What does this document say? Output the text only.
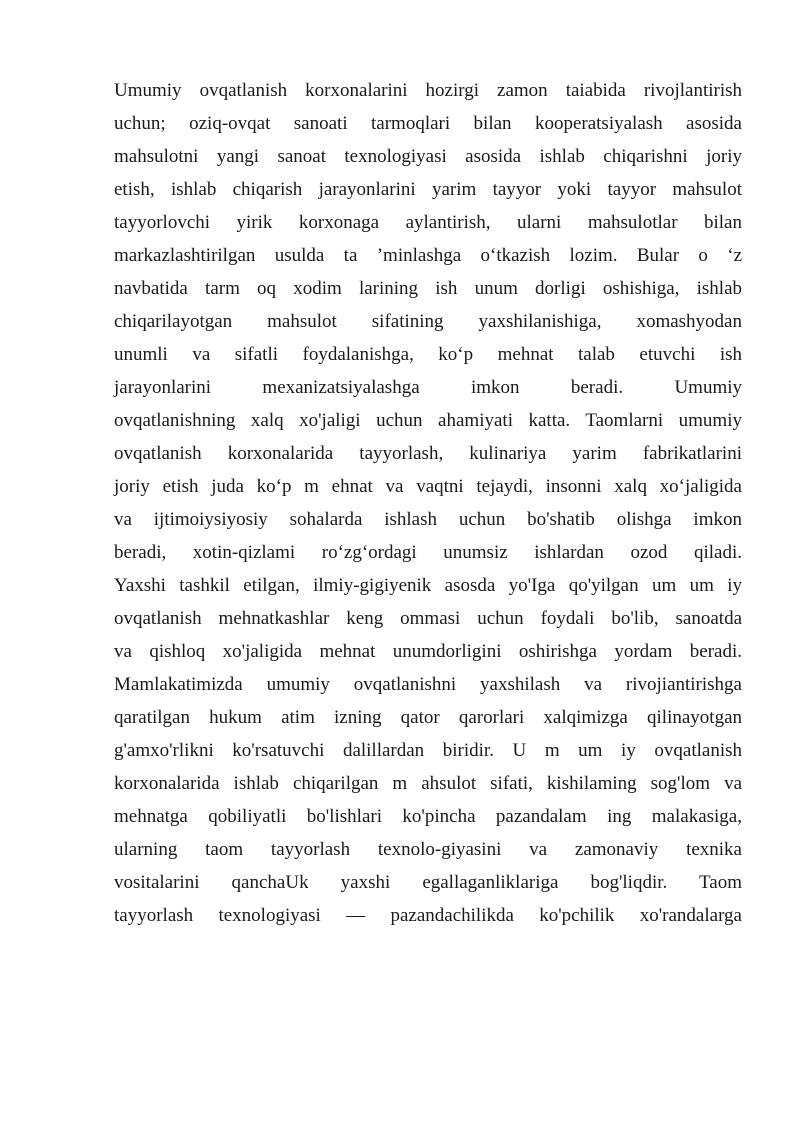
Umumiy ovqatlanish korxonalarini hozirgi zamon taiabida rivojlantirish
uchun; oziq-ovqat sanoati tarmoqlari bilan kooperatsiyalash asosida
mahsulotni yangi sanoat texnologiyasi asosida ishlab chiqarishni joriy
etish, ishlab chiqarish jarayonlarini yarim tayyor yoki tayyor mahsulot
tayyorlovchi yirik korxonaga aylantirish, ularni mahsulotlar bilan
markazlashtirilgan usulda ta ’minlashga o‘tkazish lozim. Bular o ‘z
navbatida tarm oq xodim larining ish unum dorligi oshishiga, ishlab
chiqarilayotgan mahsulot sifatining yaxshilanishiga, xomashyodan
unumli va sifatli foydalanishga, ko‘p mehnat talab etuvchi ish
jarayonlarini mexanizatsiyalashga imkon beradi. Umumiy
ovqatlanishning xalq xo'jaligi uchun ahamiyati katta. Taomlarni umumiy
ovqatlanish korxonalarida tayyorlash, kulinariya yarim fabrikatlarini
joriy etish juda ko‘p m ehnat va vaqtni tejaydi, insonni xalq xo‘jaligida
va ijtimoiysiyosiy sohalarda ishlash uchun bo'shatib olishga imkon
beradi, xotin-qizlami ro‘zg‘ordagi unumsiz ishlardan ozod qiladi.
Yaxshi tashkil etilgan, ilmiy-gigiyenik asosda yo'Iga qo'yilgan um um iy
ovqatlanish mehnatkashlar keng ommasi uchun foydali bo'lib, sanoatda
va qishloq xo'jaligida mehnat unumdorligini oshirishga yordam beradi.
Mamlakatimizda umumiy ovqatlanishni yaxshilash va rivojiantirishga
qaratilgan hukum atim izning qator qarorlari xalqimizga qilinayotgan
g'amxo'rlikni ko'rsatuvchi dalillardan biridir. U m um iy ovqatlanish
korxonalarida ishlab chiqarilgan m ahsulot sifati, kishilaming sog'lom va
mehnatga qobiliyatli bo'lishlari ko'pincha pazandalam ing malakasiga,
ularning taom tayyorlash texnolo-giyasini va zamonaviy texnika
vositalarini qanchaUk yaxshi egallaganliklariga bog'liqdir. Taom
tayyorlash texnologiyasi — pazandachilikda ko'pchilik xo'randalarga
